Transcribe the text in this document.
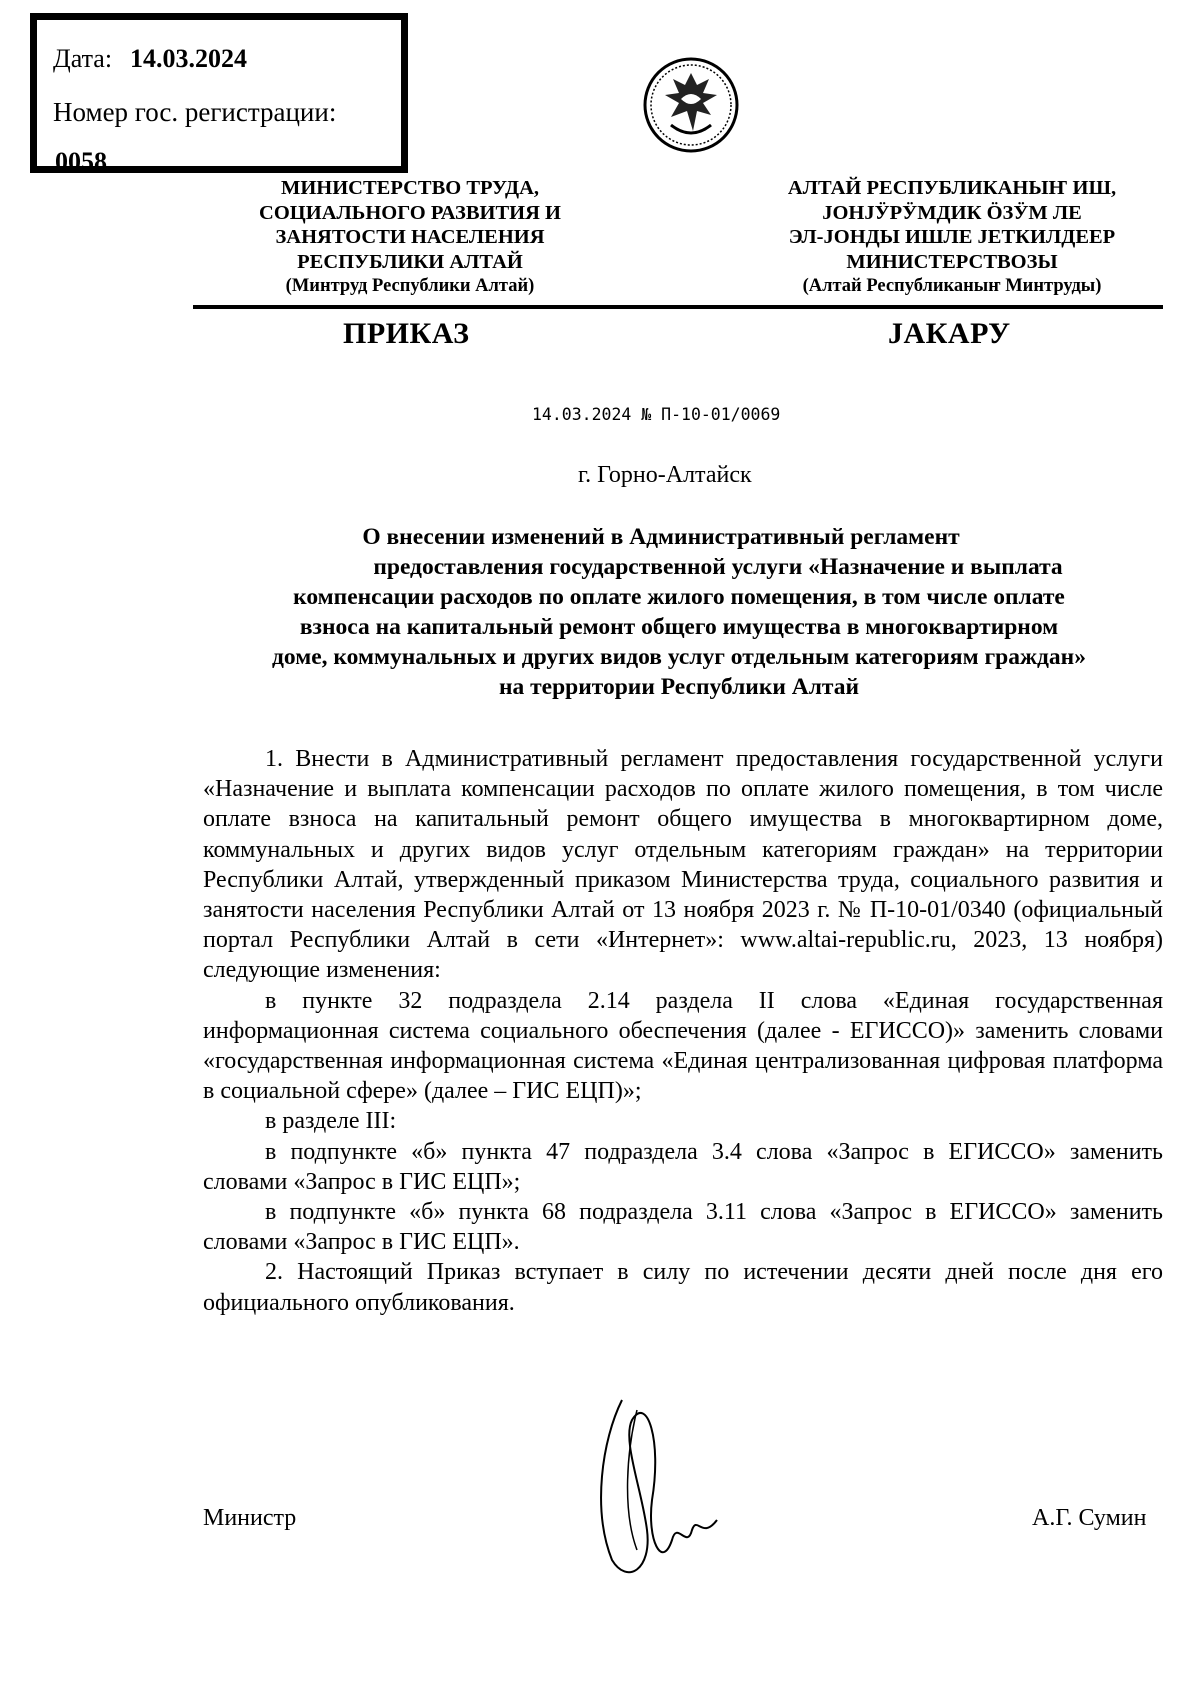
Дата: 14.03.2024
Номер гос. регистрации:
0058
МИНИСТЕРСТВО ТРУДА,
СОЦИАЛЬНОГО РАЗВИТИЯ И
ЗАНЯТОСТИ НАСЕЛЕНИЯ
РЕСПУБЛИКИ АЛТАЙ
(Минтруд Республики Алтай)
АЛТАЙ РЕСПУБЛИКАНЫҤ ИШ,
ЈОНЈӰРӰМДИК ӦЗӰМ ЛЕ
ЭЛ-ЈОНДЫ ИШЛЕ ЈЕТКИЛДЕЕР
МИНИСТЕРСТВОЗЫ
(Алтай Республиканыҥ Минтруды)
ПРИКАЗ	ЈАКАРУ
14.03.2024 № П-10-01/0069
г. Горно-Алтайск
О внесении изменений в Административный регламент
предоставления государственной услуги «Назначение и выплата
компенсации расходов по оплате жилого помещения, в том числе оплате
взноса на капитальный ремонт общего имущества в многоквартирном
доме, коммунальных и других видов услуг отдельным категориям граждан»
на территории Республики Алтай

1. Внести в Административный регламент предоставления государственной услуги «Назначение и выплата компенсации расходов по оплате жилого помещения, в том числе оплате взноса на капитальный ремонт общего имущества в многоквартирном доме, коммунальных и других видов услуг отдельным категориям граждан» на территории Республики Алтай, утвержденный приказом Министерства труда, социального развития и занятости населения Республики Алтай от 13 ноября 2023 г. № П-10-01/0340 (официальный портал Республики Алтай в сети «Интернет»: www.altai-republic.ru, 2023, 13 ноября) следующие изменения:

в пункте 32 подраздела 2.14 раздела II слова «Единая государственная информационная система социального обеспечения (далее - ЕГИССО)» заменить словами «государственная информационная система «Единая централизованная цифровая платформа в социальной сфере» (далее – ГИС ЕЦП)»;

в разделе III:

в подпункте «б» пункта 47 подраздела 3.4 слова «Запрос в ЕГИССО» заменить словами «Запрос в ГИС ЕЦП»;

в подпункте «б» пункта 68 подраздела 3.11 слова «Запрос в ЕГИССО» заменить словами «Запрос в ГИС ЕЦП».

2. Настоящий Приказ вступает в силу по истечении десяти дней после дня его официального опубликования.

Министр	А.Г. Сумин
